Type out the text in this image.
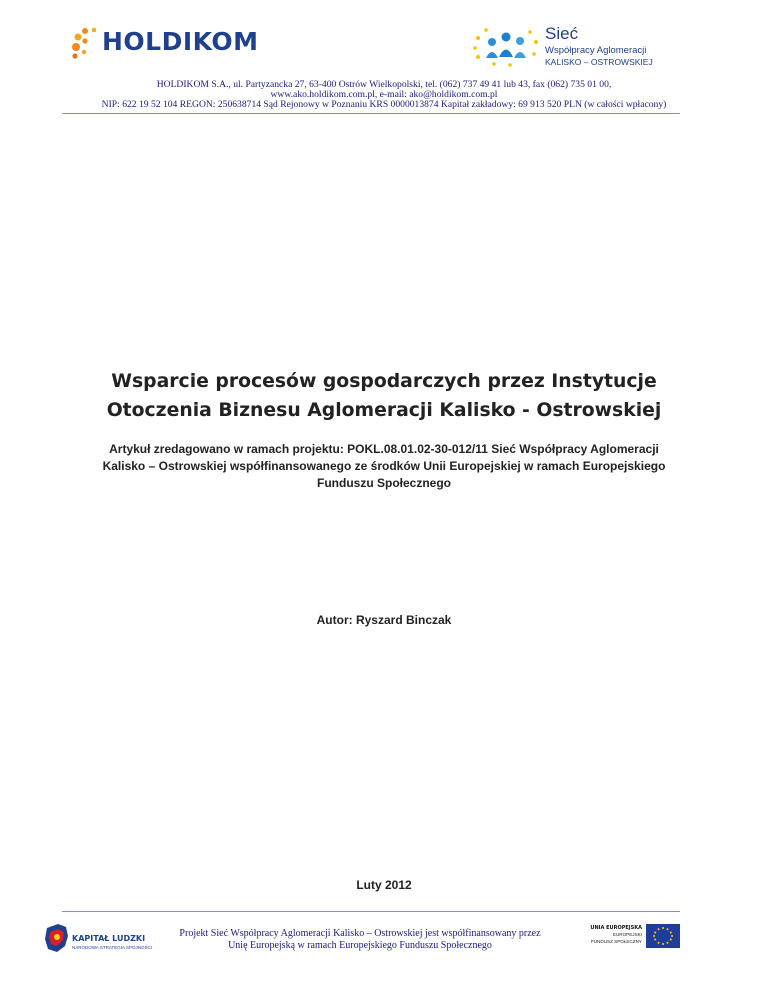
HOLDIKOM	Sieć
Współpracy Aglomeracji
KALISKO – OSTROWSKIEJ
HOLDIKOM S.A., ul. Partyzancka 27, 63-400 Ostrów Wielkopolski, tel. (062) 737 49 41 lub 43, fax (062) 735 01 00,
www.ako.holdikom.com.pl, e-mail: ako@holdikom.com.pl
NIP: 622 19 52 104 REGON: 250638714 Sąd Rejonowy w Poznaniu KRS 0000013874 Kapitał zakładowy: 69 913 520 PLN (w całości wpłacony)
Wsparcie procesów gospodarczych przez Instytucje
Otoczenia Biznesu Aglomeracji Kalisko - Ostrowskiej
Artykuł zredagowano w ramach projektu: POKL.08.01.02-30-012/11 Sieć Współpracy Aglomeracji
Kalisko – Ostrowskiej współfinansowanego ze środków Unii Europejskiej w ramach Europejskiego
Funduszu Społecznego
Autor: Ryszard Binczak
Luty 2012
KAPITAŁ LUDZKI
NARODOWA STRATEGIA SPÓJNOŚCI
Projekt Sieć Współpracy Aglomeracji Kalisko – Ostrowskiej jest współfinansowany przez
Unię Europejską w ramach Europejskiego Funduszu Społecznego
UNIA EUROPEJSKA
EUROPEJSKI
FUNDUSZ SPOŁECZNY
